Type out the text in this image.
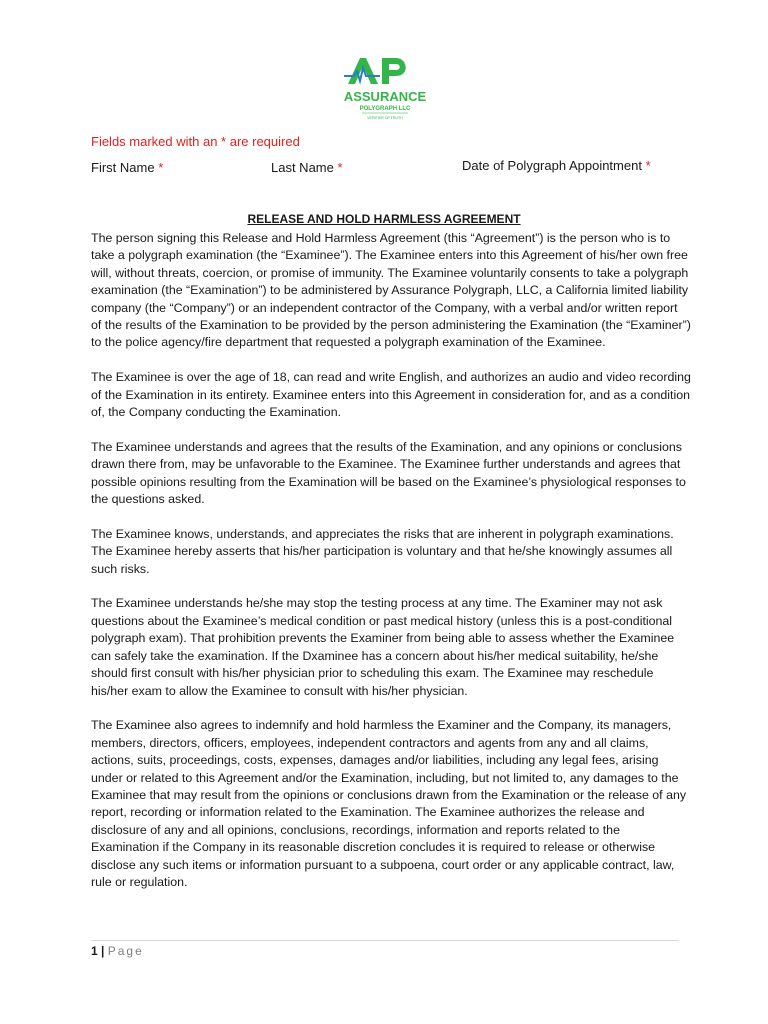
ASSURANCE
POLYGRAPH LLC
VERIFIER OF TRUTH
Fields marked with an * are required
First Name *	Last Name *	Date of Polygraph Appointment *
RELEASE AND HOLD HARMLESS AGREEMENT

The person signing this Release and Hold Harmless Agreement (this “Agreement”) is the person who is to take a polygraph examination (the “Examinee”). The Examinee enters into this Agreement of his/her own free will, without threats, coercion, or promise of immunity. The Examinee voluntarily consents to take a polygraph examination (the “Examination”) to be administered by Assurance Polygraph, LLC, a California limited liability company (the “Company”) or an independent contractor of the Company, with a verbal and/or written report of the results of the Examination to be provided by the person administering the Examination (the “Examiner”) to the police agency/fire department that requested a polygraph examination of the Examinee.

The Examinee is over the age of 18, can read and write English, and authorizes an audio and video recording of the Examination in its entirety. Examinee enters into this Agreement in consideration for, and as a condition of, the Company conducting the Examination.

The Examinee understands and agrees that the results of the Examination, and any opinions or conclusions drawn there from, may be unfavorable to the Examinee. The Examinee further understands and agrees that possible opinions resulting from the Examination will be based on the Examinee’s physiological responses to the questions asked.

The Examinee knows, understands, and appreciates the risks that are inherent in polygraph examinations. The Examinee hereby asserts that his/her participation is voluntary and that he/she knowingly assumes all such risks.

The Examinee understands he/she may stop the testing process at any time. The Examiner may not ask questions about the Examinee’s medical condition or past medical history (unless this is a post-conditional polygraph exam). That prohibition prevents the Examiner from being able to assess whether the Examinee can safely take the examination. If the Dxaminee has a concern about his/her medical suitability, he/she should first consult with his/her physician prior to scheduling this exam. The Examinee may reschedule his/her exam to allow the Examinee to consult with his/her physician.

The Examinee also agrees to indemnify and hold harmless the Examiner and the Company, its managers, members, directors, officers, employees, independent contractors and agents from any and all claims, actions, suits, proceedings, costs, expenses, damages and/or liabilities, including any legal fees, arising under or related to this Agreement and/or the Examination, including, but not limited to, any damages to the Examinee that may result from the opinions or conclusions drawn from the Examination or the release of any report, recording or information related to the Examination. The Examinee authorizes the release and disclosure of any and all opinions, conclusions, recordings, information and reports related to the Examination if the Company in its reasonable discretion concludes it is required to release or otherwise disclose any such items or information pursuant to a subpoena, court order or any applicable contract, law, rule or regulation.

1 | Page
